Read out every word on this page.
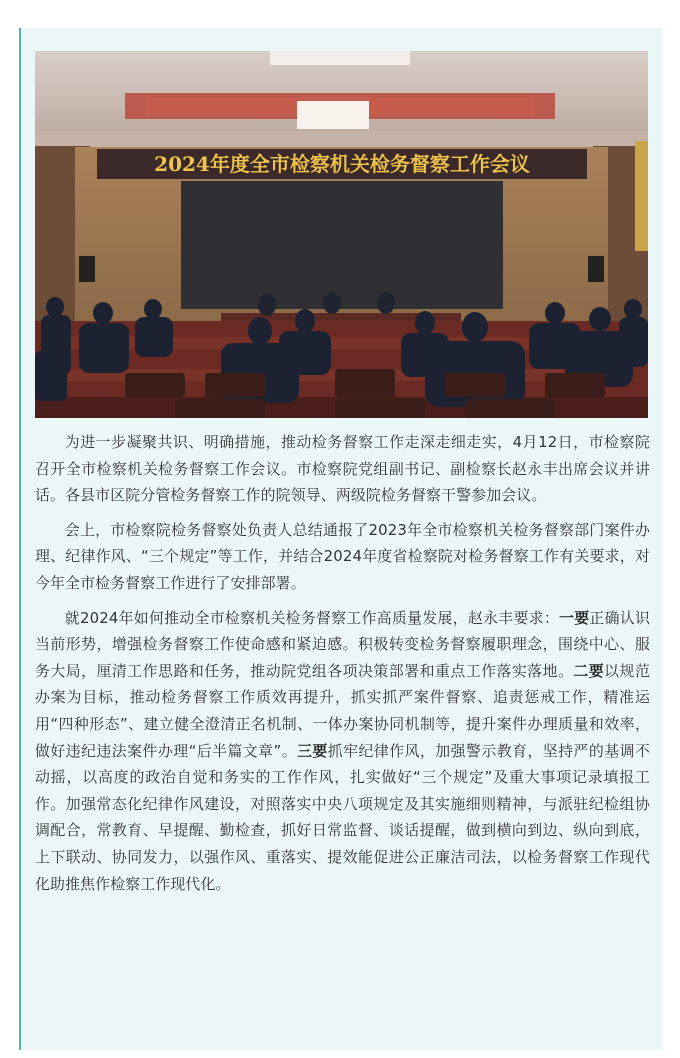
2024年度全市检察机关检务督察工作会议

为进一步凝聚共识、明确措施，推动检务督察工作走深走细走实，4月12日，市检察院召开全市检察机关检务督察工作会议。市检察院党组副书记、副检察长赵永丰出席会议并讲话。各县市区院分管检务督察工作的院领导、两级院检务督察干警参加会议。

会上，市检察院检务督察处负责人总结通报了2023年全市检察机关检务督察部门案件办理、纪律作风、“三个规定”等工作，并结合2024年度省检察院对检务督察工作有关要求，对今年全市检务督察工作进行了安排部署。

就2024年如何推动全市检察机关检务督察工作高质量发展，赵永丰要求：一要正确认识当前形势，增强检务督察工作使命感和紧迫感。积极转变检务督察履职理念，围绕中心、服务大局，厘清工作思路和任务，推动院党组各项决策部署和重点工作落实落地。二要以规范办案为目标，推动检务督察工作质效再提升，抓实抓严案件督察、追责惩戒工作，精准运用“四种形态”、建立健全澄清正名机制、一体办案协同机制等，提升案件办理质量和效率，做好违纪违法案件办理“后半篇文章”。三要抓牢纪律作风，加强警示教育，坚持严的基调不动摇，以高度的政治自觉和务实的工作作风，扎实做好“三个规定”及重大事项记录填报工作。加强常态化纪律作风建设，对照落实中央八项规定及其实施细则精神，与派驻纪检组协调配合，常教育、早提醒、勤检查，抓好日常监督、谈话提醒，做到横向到边、纵向到底，上下联动、协同发力，以强作风、重落实、提效能促进公正廉洁司法，以检务督察工作现代化助推焦作检察工作现代化。
